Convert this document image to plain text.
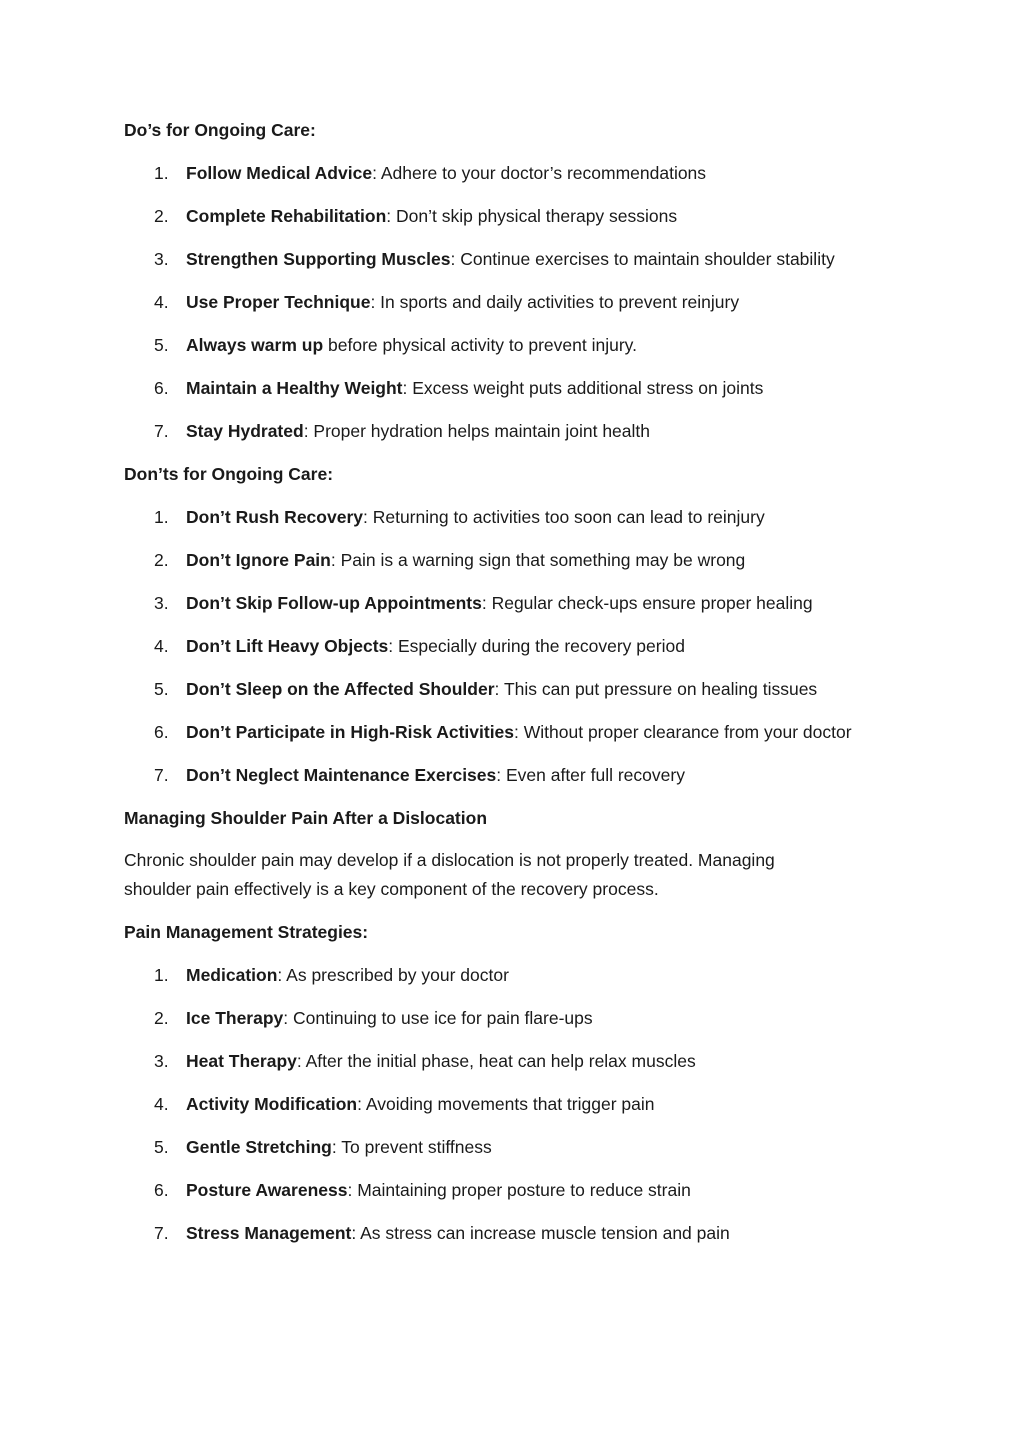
Do’s for Ongoing Care:
1. Follow Medical Advice: Adhere to your doctor’s recommendations
2. Complete Rehabilitation: Don’t skip physical therapy sessions
3. Strengthen Supporting Muscles: Continue exercises to maintain shoulder stability
4. Use Proper Technique: In sports and daily activities to prevent reinjury
5. Always warm up before physical activity to prevent injury.
6. Maintain a Healthy Weight: Excess weight puts additional stress on joints
7. Stay Hydrated: Proper hydration helps maintain joint health
Don’ts for Ongoing Care:
1. Don’t Rush Recovery: Returning to activities too soon can lead to reinjury
2. Don’t Ignore Pain: Pain is a warning sign that something may be wrong
3. Don’t Skip Follow-up Appointments: Regular check-ups ensure proper healing
4. Don’t Lift Heavy Objects: Especially during the recovery period
5. Don’t Sleep on the Affected Shoulder: This can put pressure on healing tissues
6. Don’t Participate in High-Risk Activities: Without proper clearance from your doctor
7. Don’t Neglect Maintenance Exercises: Even after full recovery
Managing Shoulder Pain After a Dislocation

Chronic shoulder pain may develop if a dislocation is not properly treated. Managing shoulder pain effectively is a key component of the recovery process.

Pain Management Strategies:
1. Medication: As prescribed by your doctor
2. Ice Therapy: Continuing to use ice for pain flare-ups
3. Heat Therapy: After the initial phase, heat can help relax muscles
4. Activity Modification: Avoiding movements that trigger pain
5. Gentle Stretching: To prevent stiffness
6. Posture Awareness: Maintaining proper posture to reduce strain
7. Stress Management: As stress can increase muscle tension and pain
